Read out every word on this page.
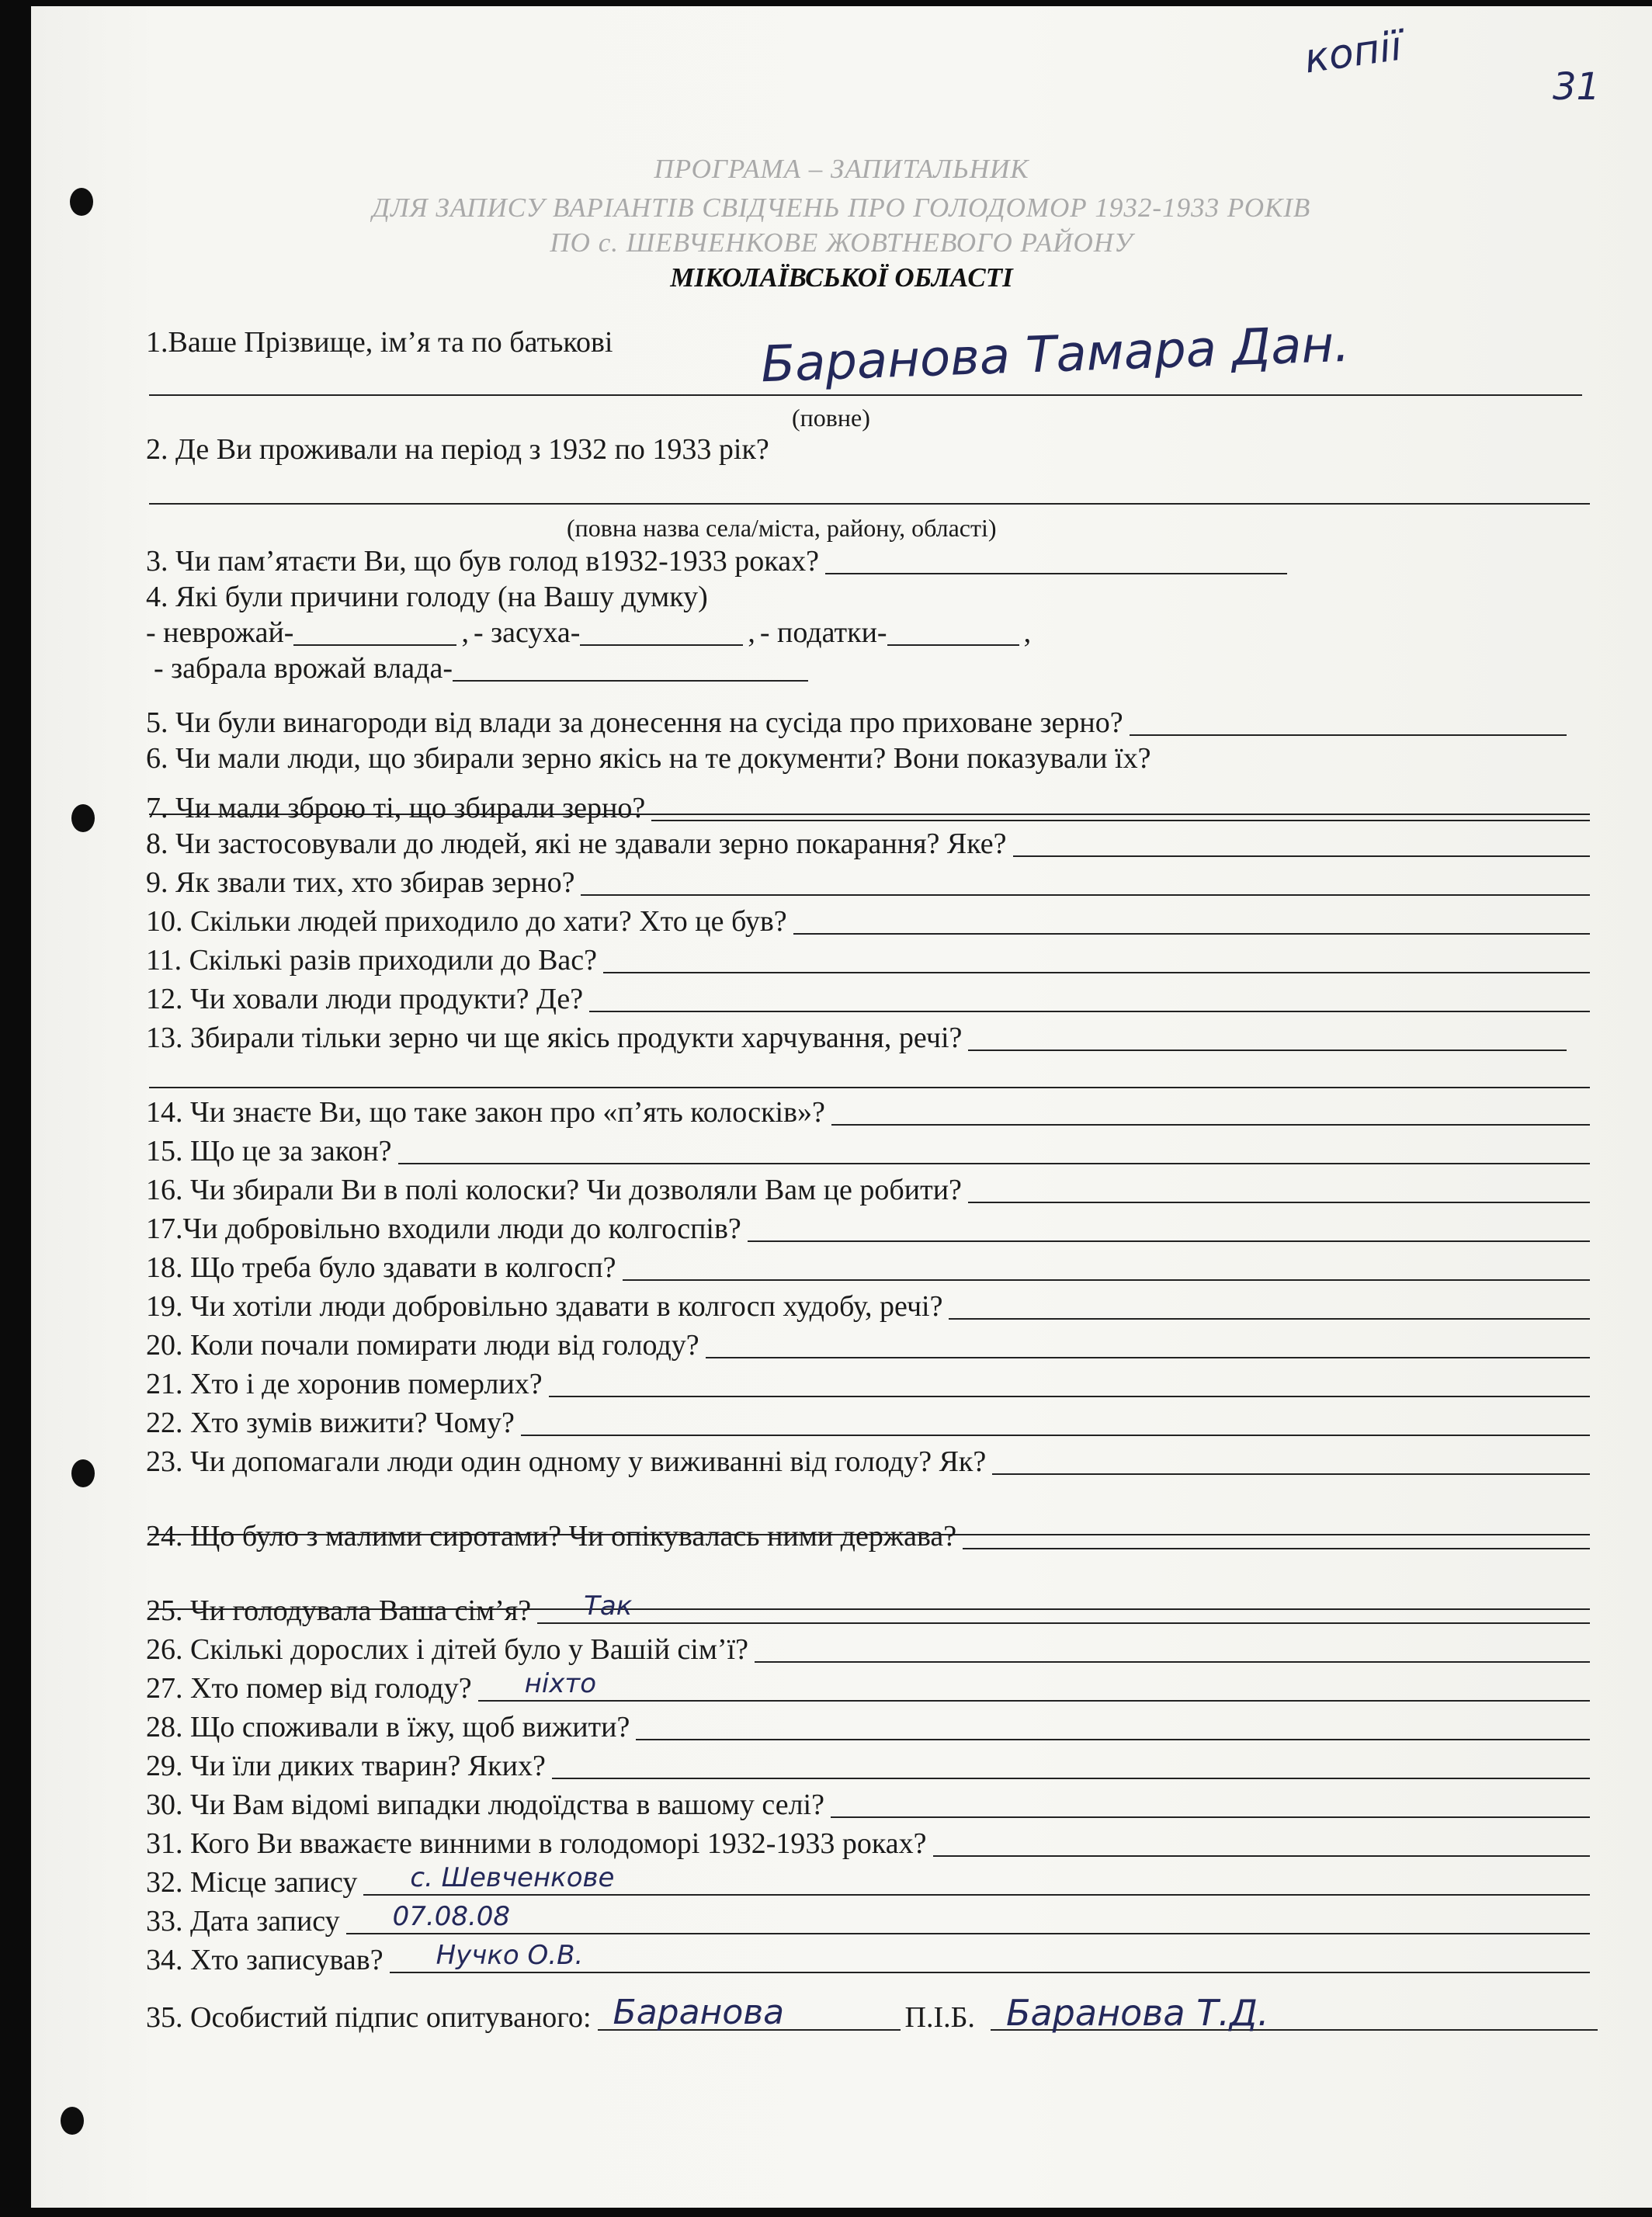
копії
31
ПРОГРАМА – ЗАПИТАЛЬНИК
ДЛЯ ЗАПИСУ ВАРІАНТІВ СВІДЧЕНЬ ПРО ГОЛОДОМОР 1932-1933 РОКІВ
ПО с. ШЕВЧЕНКОВЕ ЖОВТНЕВОГО РАЙОНУ
МІКОЛАЇВСЬКОЇ ОБЛАСТІ
1.Ваше Прізвище, ім’я та по батькові	Баранова Тамара Дан.
(повне)
2. Де Ви проживали на період з 1932 по 1933 рік?
(повна назва села/міста, району, області)
3. Чи пам’ятаєти Ви, що був голод в1932-1933 роках?
4. Які були причини голоду (на Вашу думку)
- неврожай-	, - засуха-	, - податки-	,
- забрала врожай влада-
5. Чи були винагороди від влади за донесення на сусіда про приховане зерно?
6. Чи мали люди, що збирали зерно якісь на те документи? Вони показували їх?
7. Чи мали зброю ті, що збирали зерно?
8. Чи застосовували до людей, які не здавали зерно покарання? Яке?
9. Як звали тих, хто збирав зерно?
10. Скільки людей приходило до хати? Хто це був?
11. Скількі разів приходили до Вас?
12. Чи ховали люди продукти? Де?
13. Збирали тільки зерно чи ще якісь продукти харчування, речі?
14. Чи знаєте Ви, що таке закон про «п’ять колосків»?
15. Що це за закон?
16. Чи збирали Ви в полі колоски? Чи дозволяли Вам це робити?
17.Чи добровільно входили люди до колгоспів?
18. Що треба було здавати в колгосп?
19. Чи хотіли люди добровільно здавати в колгосп худобу, речі?
20. Коли почали помирати люди від голоду?
21. Хто і де хоронив померлих?
22. Хто зумів вижити? Чому?
23. Чи допомагали люди один одному у виживанні від голоду? Як?
24. Що було з малими сиротами? Чи опікувалась ними держава?
25. Чи голодувала Ваша сім’я? Так
26. Скількі дорослих і дітей було у Вашій сім’ї?
27. Хто помер від голоду? ніхто
28. Що споживали в їжу, щоб вижити?
29. Чи їли диких тварин? Яких?
30. Чи Вам відомі випадки людоїдства в вашому селі?
31. Кого Ви вважаєте винними в голодоморі 1932-1933 роках?
32. Місце запису с. Шевченкове
33. Дата запису 07.08.08
34. Хто записував? Нучко О.В.
35. Особистий підпис опитуваного: Баранова	П.І.Б. Баранова Т.Д.
